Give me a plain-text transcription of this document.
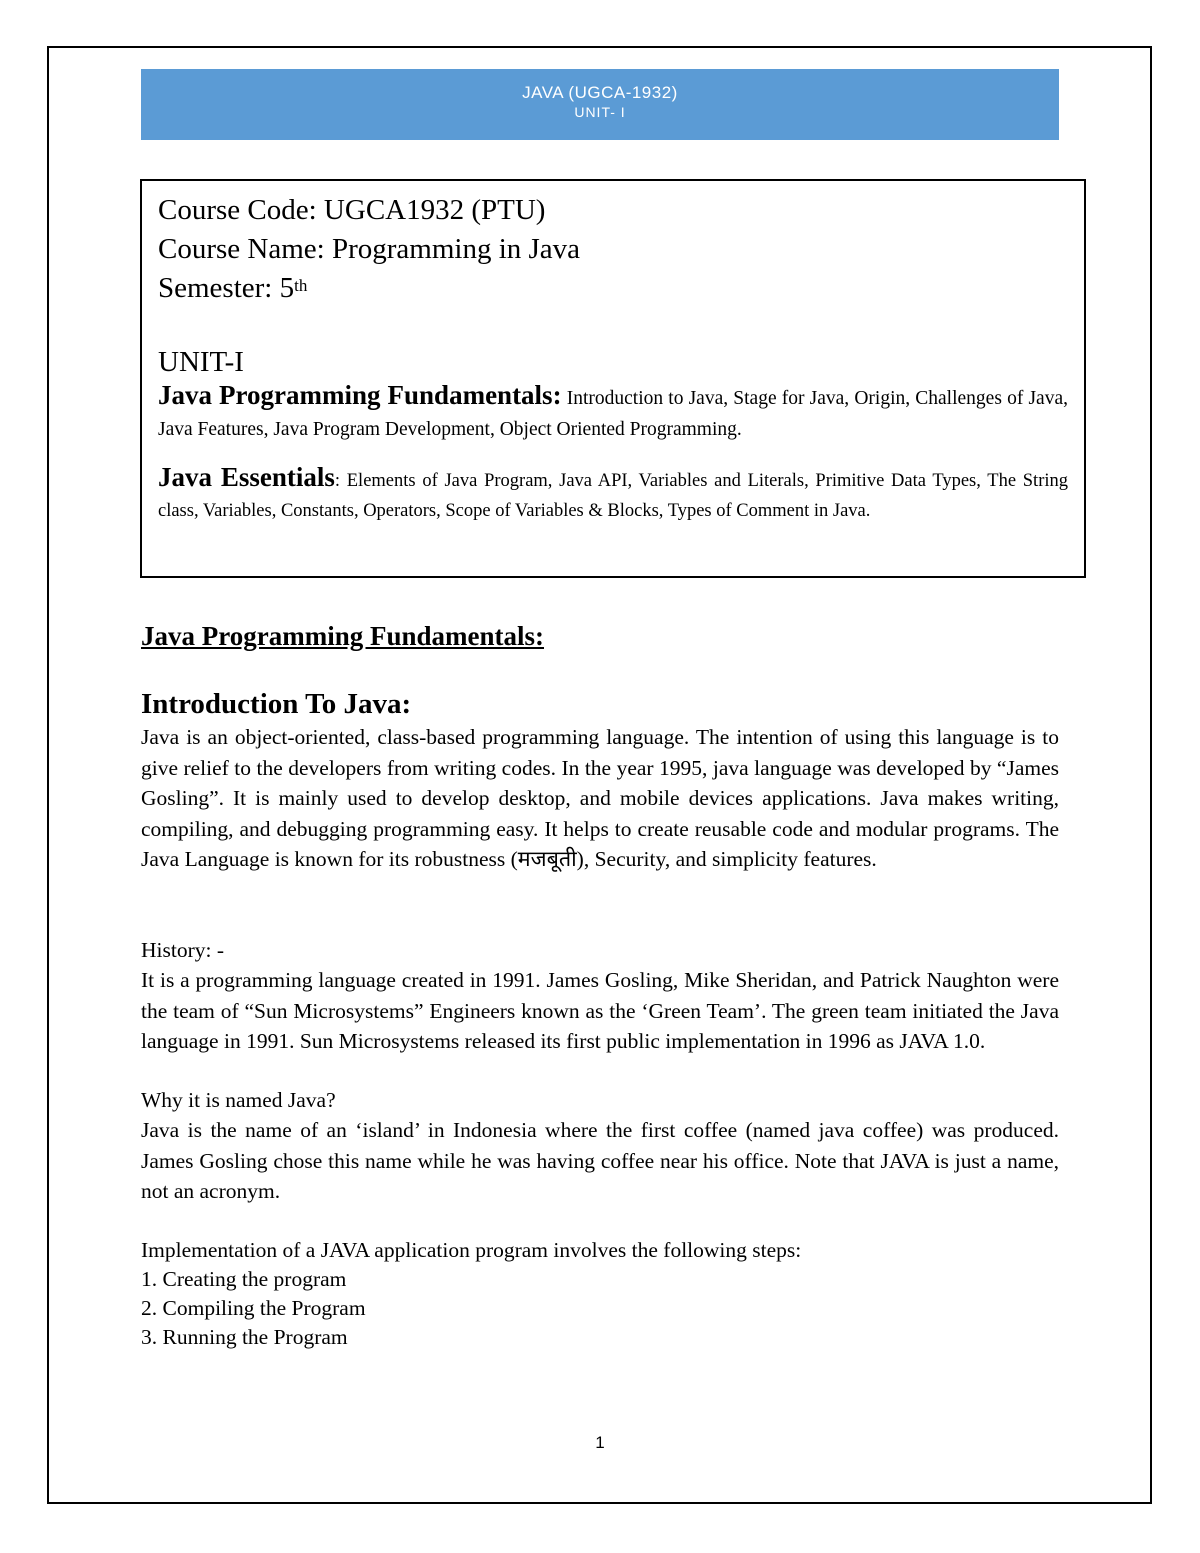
JAVA (UGCA-1932)
UNIT- I
Course Code: UGCA1932 (PTU)
Course Name: Programming in Java
Semester: 5th
UNIT-I
Java Programming Fundamentals: Introduction to Java, Stage for Java, Origin, Challenges of Java, Java Features, Java Program Development, Object Oriented Programming.
Java Essentials: Elements of Java Program, Java API, Variables and Literals, Primitive Data Types, The String class, Variables, Constants, Operators, Scope of Variables & Blocks, Types of Comment in Java.
Java Programming Fundamentals:
Introduction To Java:
Java is an object-oriented, class-based programming language. The intention of using this language is to give relief to the developers from writing codes. In the year 1995, java language was developed by “James Gosling”. It is mainly used to develop desktop, and mobile devices applications. Java makes writing, compiling, and debugging programming easy. It helps to create reusable code and modular programs. The Java Language is known for its robustness (मजबूती), Security, and simplicity features.
History: -
It is a programming language created in 1991. James Gosling, Mike Sheridan, and Patrick Naughton were the team of “Sun Microsystems” Engineers known as the ‘Green Team’. The green team initiated the Java language in 1991. Sun Microsystems released its first public implementation in 1996 as JAVA 1.0.
Why it is named Java?
Java is the name of an ‘island’ in Indonesia where the first coffee (named java coffee) was produced. James Gosling chose this name while he was having coffee near his office. Note that JAVA is just a name, not an acronym.
Implementation of a JAVA application program involves the following steps:
1. Creating the program
2. Compiling the Program
3. Running the Program
1
